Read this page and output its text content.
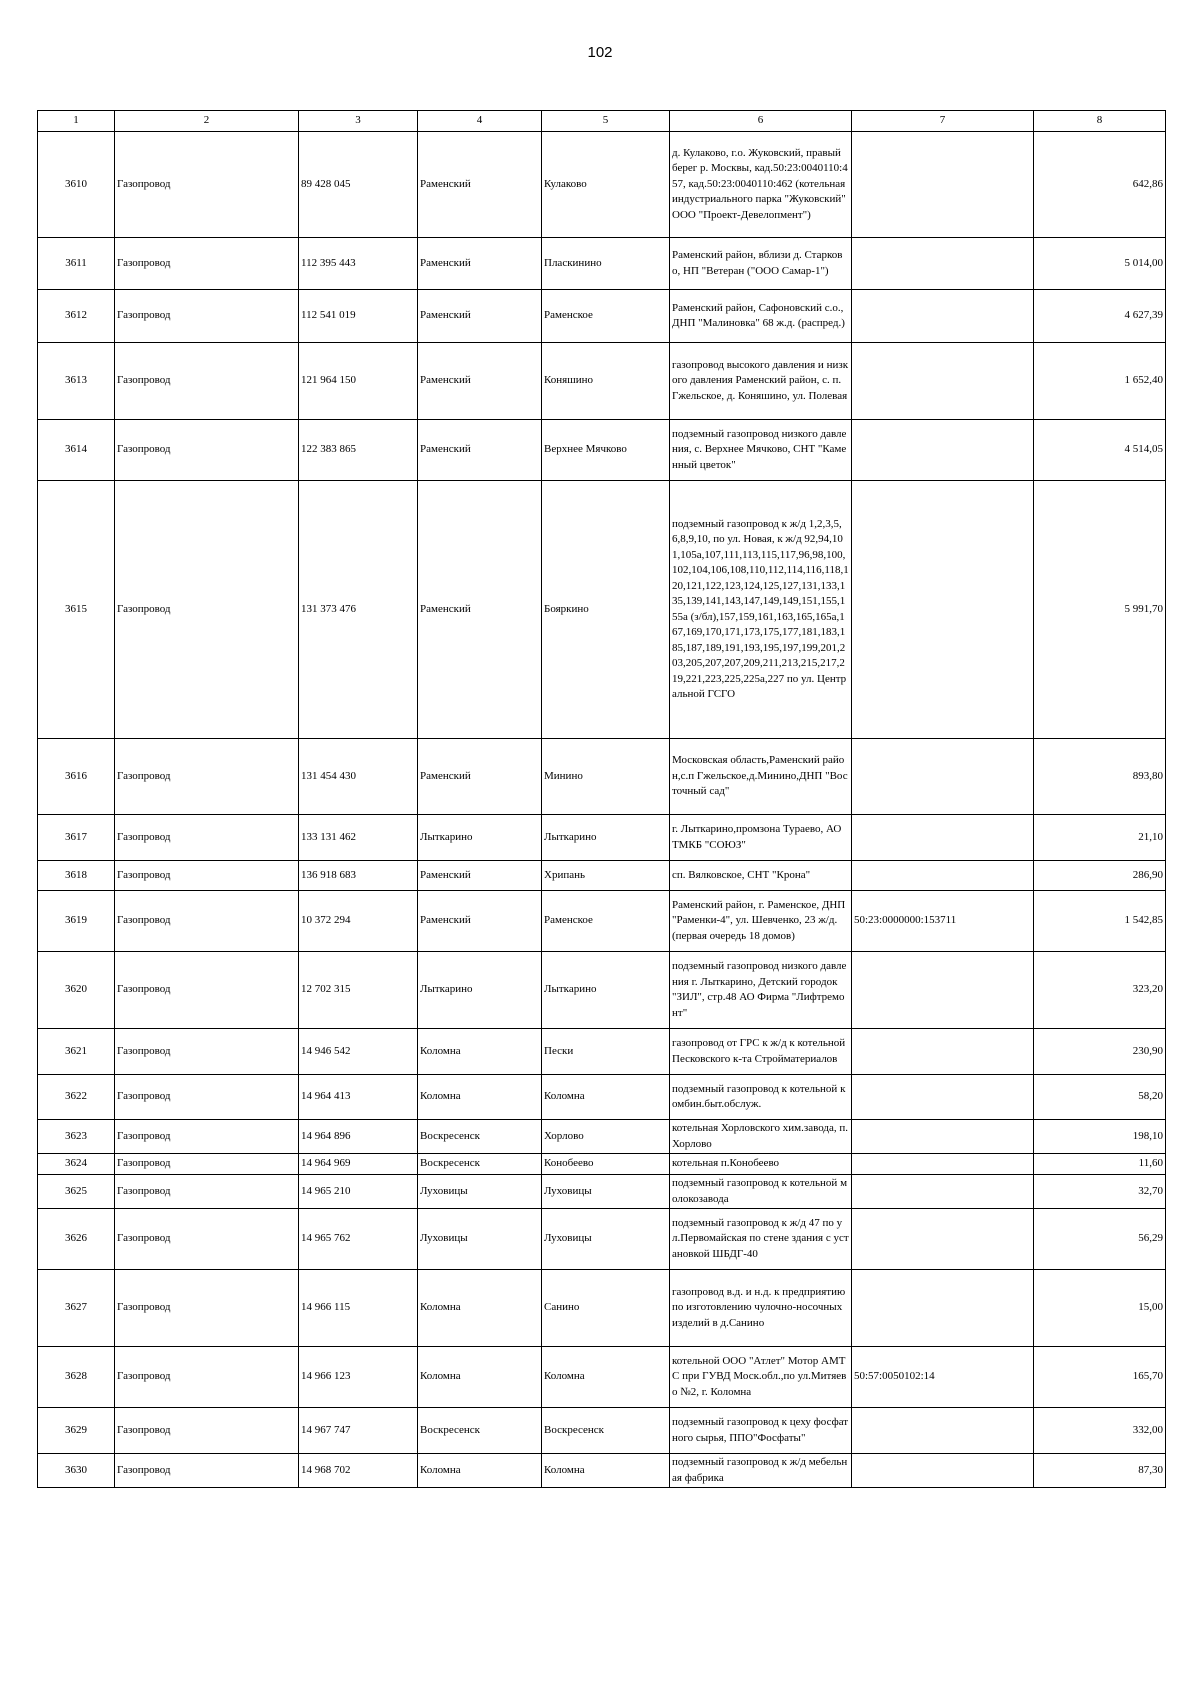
102
1	2	3	4	5	6	7	8
3610	Газопровод	89 428 045	Раменский	Кулаково	д. Кулаково, г.о. Жуковский, правый берег р. Москвы, кад.50:23:0040110:457, кад.50:23:0040110:462 (котельная индустриального парка "Жуковский" ООО "Проект-Девелопмент")		642,86
3611	Газопровод	112 395 443	Раменский	Пласкинино	Раменский район, вблизи д. Старково, НП "Ветеран ("ООО Самар-1")		5 014,00
3612	Газопровод	112 541 019	Раменский	Раменское	Раменский район, Сафоновский с.о., ДНП "Малиновка" 68 ж.д. (распред.)		4 627,39
3613	Газопровод	121 964 150	Раменский	Коняшино	газопровод высокого давления и низкого давления Раменский район, с. п. Гжельское, д. Коняшино, ул. Полевая		1 652,40
3614	Газопровод	122 383 865	Раменский	Верхнее Мячково	подземный газопровод низкого давления, с. Верхнее Мячково, СНТ "Каменный цветок"		4 514,05
3615	Газопровод	131 373 476	Раменский	Бояркино	подземный газопровод к ж/д 1,2,3,5,6,8,9,10, по ул. Новая, к ж/д 92,94,101,105а,107,111,113,115,117,96,98,100,102,104,106,108,110,112,114,116,118,120,121,122,123,124,125,127,131,133,135,139,141,143,147,149,149,151,155,155а (з/бл),157,159,161,163,165,165а,167,169,170,171,173,175,177,181,183,185,187,189,191,193,195,197,199,201,203,205,207,207,209,211,213,215,217,219,221,223,225,225а,227 по ул. Центральной ГСГО		5 991,70
3616	Газопровод	131 454 430	Раменский	Минино	Московская область,Раменский район,с.п Гжельское,д.Минино,ДНП "Восточный сад"		893,80
3617	Газопровод	133 131 462	Лыткарино	Лыткарино	г. Лыткарино,промзона Тураево, АО ТМКБ "СОЮЗ"		21,10
3618	Газопровод	136 918 683	Раменский	Хрипань	сп. Вялковское, СНТ "Крона"		286,90
3619	Газопровод	10 372 294	Раменский	Раменское	Раменский район, г. Раменское, ДНП "Раменки-4", ул. Шевченко, 23 ж/д. (первая очередь 18 домов)	50:23:0000000:153711	1 542,85
3620	Газопровод	12 702 315	Лыткарино	Лыткарино	подземный газопровод низкого давления г. Лыткарино, Детский городок "ЗИЛ", стр.48 АО Фирма "Лифтремонт"		323,20
3621	Газопровод	14 946 542	Коломна	Пески	газопровод от ГРС к ж/д к котельной Песковского к-та Стройматериалов		230,90
3622	Газопровод	14 964 413	Коломна	Коломна	подземный газопровод к котельной комбин.быт.обслуж.		58,20
3623	Газопровод	14 964 896	Воскресенск	Хорлово	котельная Хорловского хим.завода, п.Хорлово		198,10
3624	Газопровод	14 964 969	Воскресенск	Конобеево	котельная п.Конобеево		11,60
3625	Газопровод	14 965 210	Луховицы	Луховицы	подземный газопровод к котельной молокозавода		32,70
3626	Газопровод	14 965 762	Луховицы	Луховицы	подземный газопровод к ж/д 47 по ул.Первомайская по стене здания с установкой ШБДГ-40		56,29
3627	Газопровод	14 966 115	Коломна	Санино	газопровод в.д. и н.д. к предприятию по изготовлению чулочно-носочных изделий в д.Санино		15,00
3628	Газопровод	14 966 123	Коломна	Коломна	котельной ООО "Атлет" Мотор АМТС при ГУВД Моск.обл.,по ул.Митяево №2, г. Коломна	50:57:0050102:14	165,70
3629	Газопровод	14 967 747	Воскресенск	Воскресенск	подземный газопровод к цеху фосфатного сырья, ППО"Фосфаты"		332,00
3630	Газопровод	14 968 702	Коломна	Коломна	подземный газопровод к ж/д мебельная фабрика		87,30
